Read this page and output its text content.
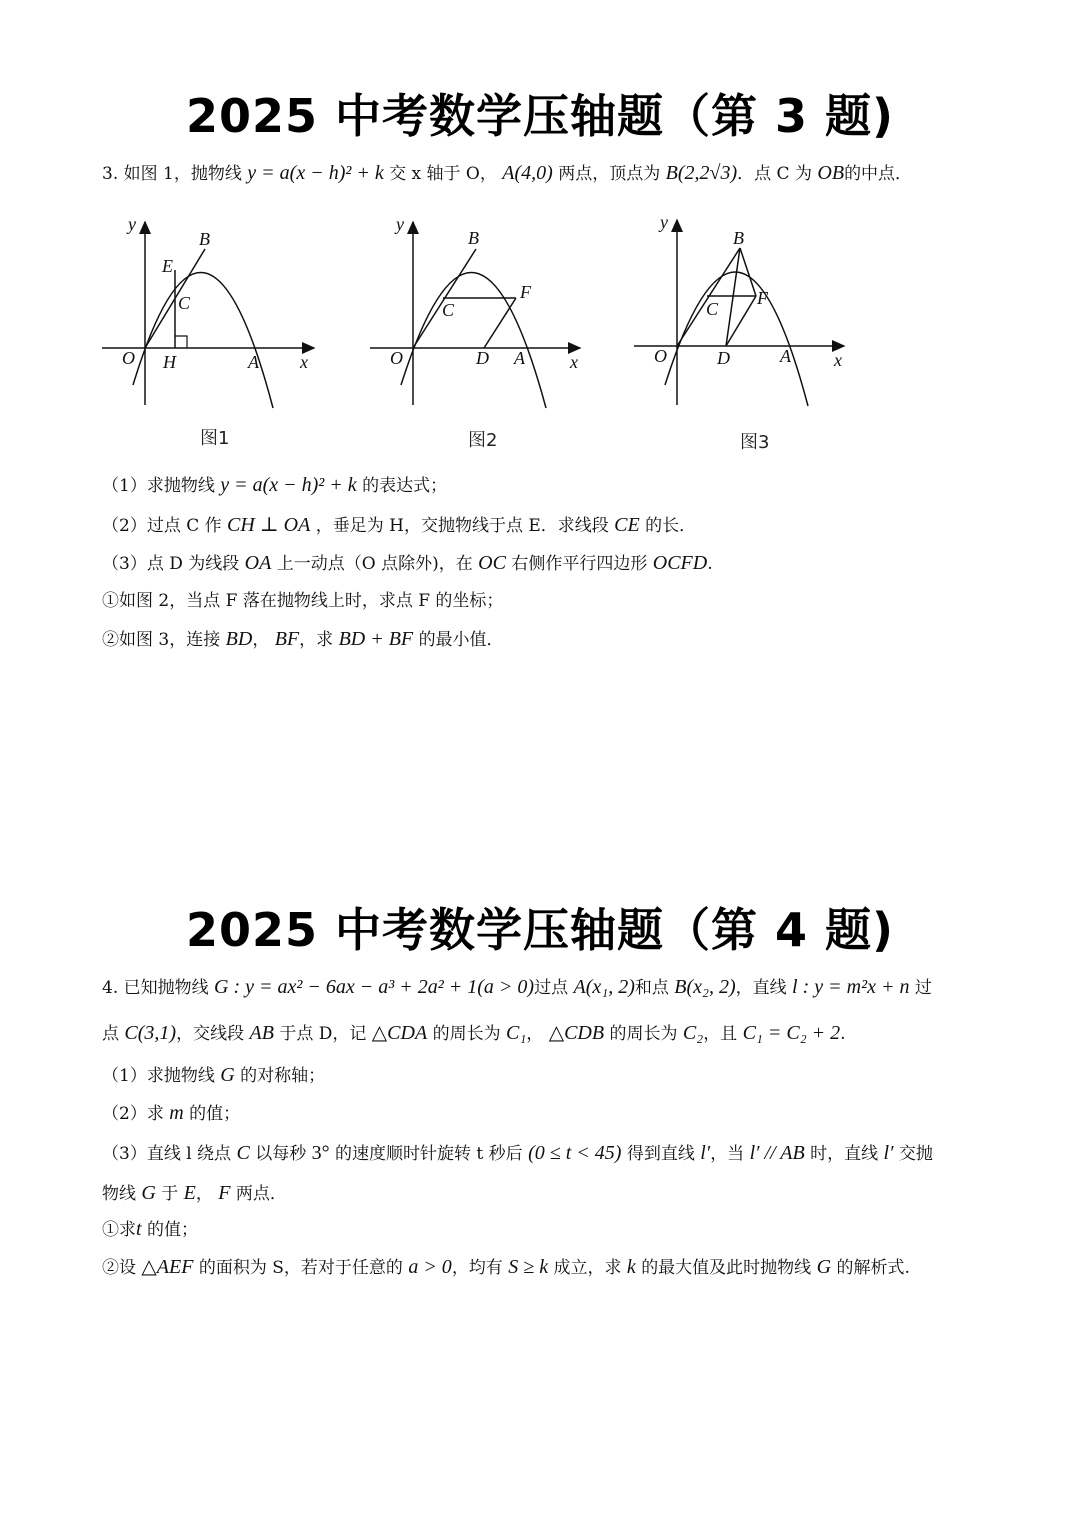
2025 中考数学压轴题（第 3 题)
3. 如图 1，抛物线 y = a(x − h)² + k 交 x 轴于 O， A(4,0) 两点，顶点为 B(2,2√3)．点 C 为 OB的中点．
y
E
B
C
O H	A x
图1
y
B
F
C
O	D A	x
图2
y
B
F
C
O	D	A x
图3
（1）求抛物线 y = a(x − h)² + k 的表达式；
（2）过点 C 作 CH ⊥ OA ，垂足为 H，交抛物线于点 E．求线段 CE 的长．
（3）点 D 为线段 OA 上一动点（O 点除外)，在 OC 右侧作平行四边形 OCFD.
①如图 2，当点 F 落在抛物线上时，求点 F 的坐标；
②如图 3，连接 BD， BF，求 BD + BF 的最小值．
2025 中考数学压轴题（第 4 题)
4. 已知抛物线 G : y = ax² − 6ax − a³ + 2a² + 1(a > 0)过点 A(x₁, 2)和点 B(x₂, 2)，直线 l : y = m²x + n 过
点 C(3,1)，交线段 AB 于点 D，记 △CDA 的周长为 C₁， △CDB 的周长为 C₂，且 C₁ = C₂ + 2.
（1）求抛物线 G 的对称轴；
（2）求 m 的值；
（3）直线 l 绕点 C 以每秒 3° 的速度顺时针旋转 t 秒后 (0 ≤ t < 45) 得到直线 l′，当 l′ // AB 时，直线 l′ 交抛
物线 G 于 E， F 两点．
①求t 的值；
②设 △AEF 的面积为 S，若对于任意的 a > 0，均有 S ≥ k 成立，求 k 的最大值及此时抛物线 G 的解析式.
